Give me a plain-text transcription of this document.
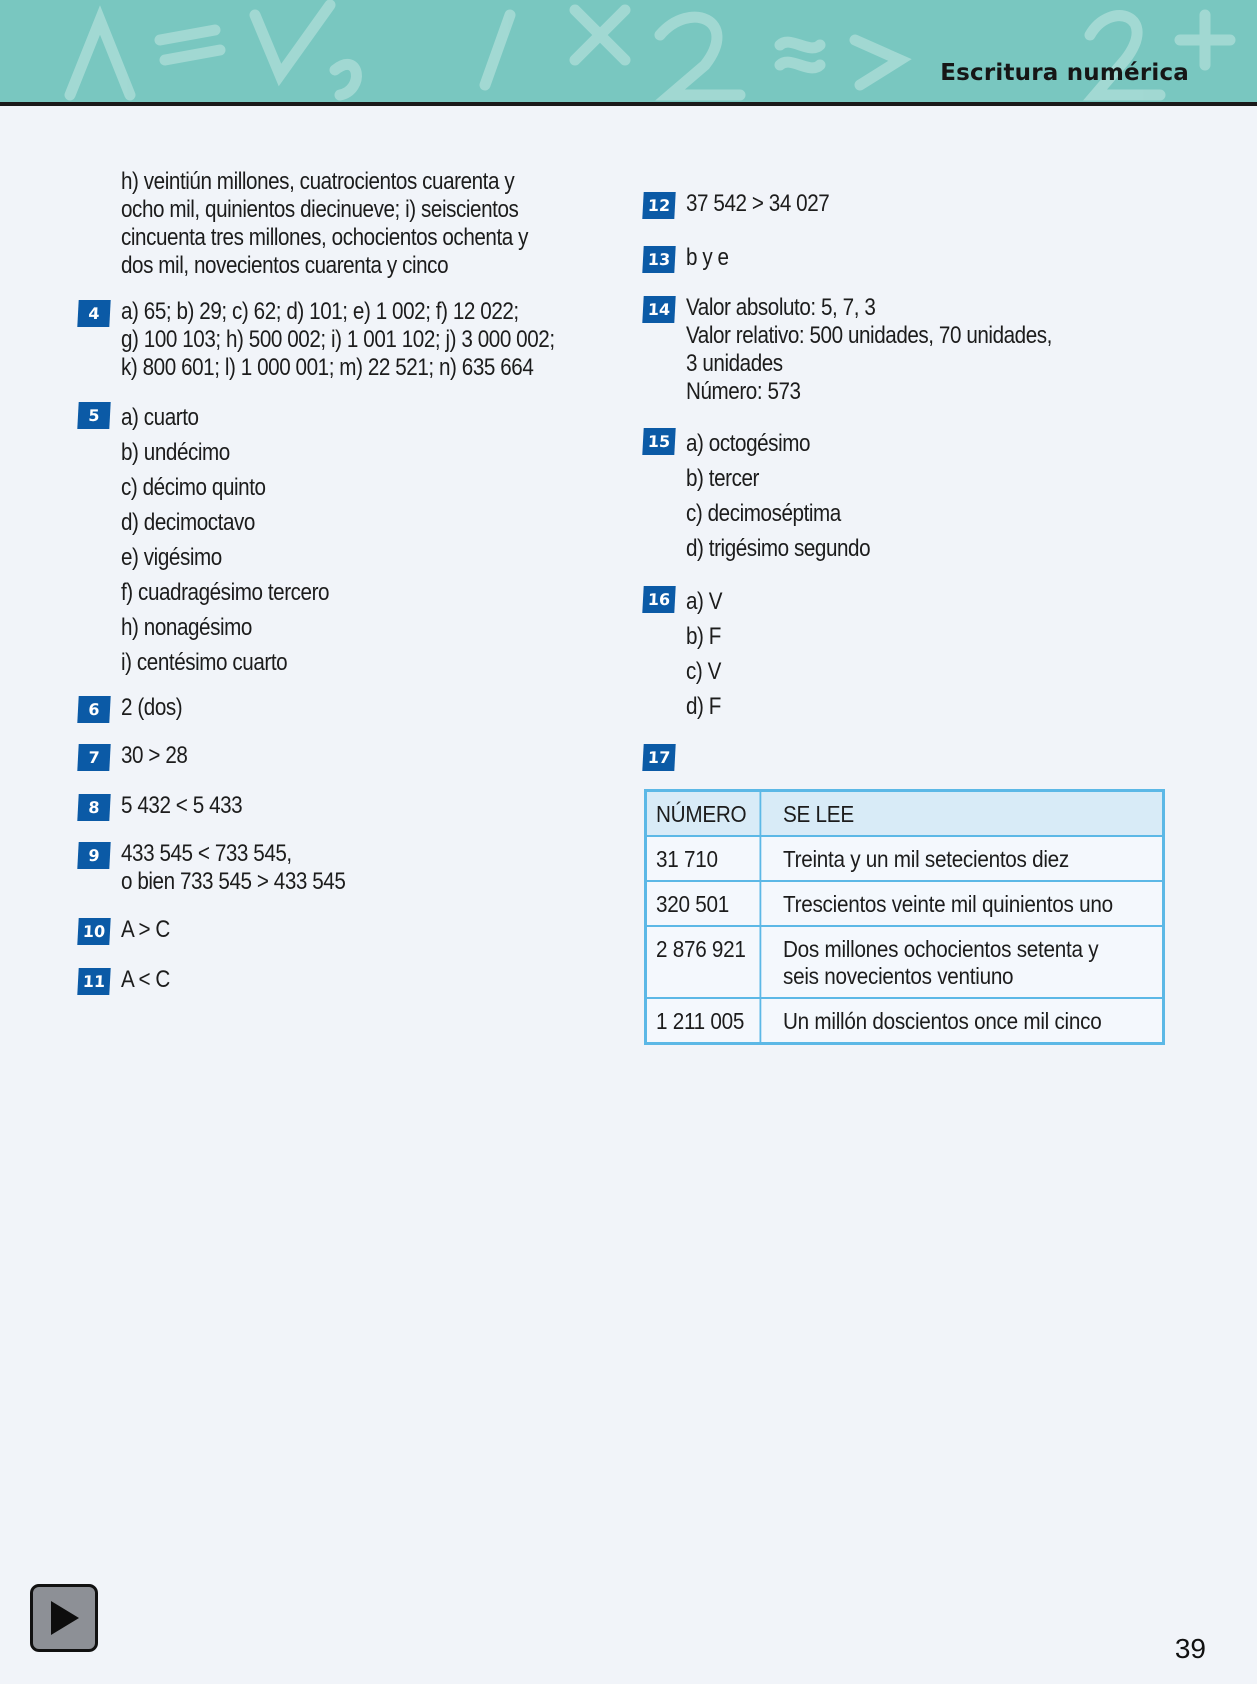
Escritura numérica
h) veintiún millones, cuatrocientos cuarenta y
ocho mil, quinientos diecinueve; i) seiscientos
cincuenta tres millones, ochocientos ochenta y
dos mil, novecientos cuarenta y cinco
4 a) 65; b) 29; c) 62; d) 101; e) 1 002; f) 12 022;
g) 100 103; h) 500 002; i) 1 001 102; j) 3 000 002;
k) 800 601; l) 1 000 001; m) 22 521; n) 635 664
5 a) cuarto
b) undécimo
c) décimo quinto
d) decimoctavo
e) vigésimo
f) cuadragésimo tercero
h) nonagésimo
i) centésimo cuarto
6 2 (dos)
7 30 > 28
8 5 432 < 5 433
9 433 545 < 733 545,
o bien 733 545 > 433 545
10 A > C
11 A < C
12 37 542 > 34 027
13 b y e
14 Valor absoluto: 5, 7, 3
Valor relativo: 500 unidades, 70 unidades,
3 unidades
Número: 573
15 a) octogésimo
b) tercer
c) decimoséptima
d) trigésimo segundo
16 a) V
b) F
c) V
d) F
17
NÚMERO	SE LEE
31 710	Treinta y un mil setecientos diez
320 501	Trescientos veinte mil quinientos uno
2 876 921	Dos millones ochocientos setenta y seis novecientos ventiuno
1 211 005	Un millón doscientos once mil cinco
39
